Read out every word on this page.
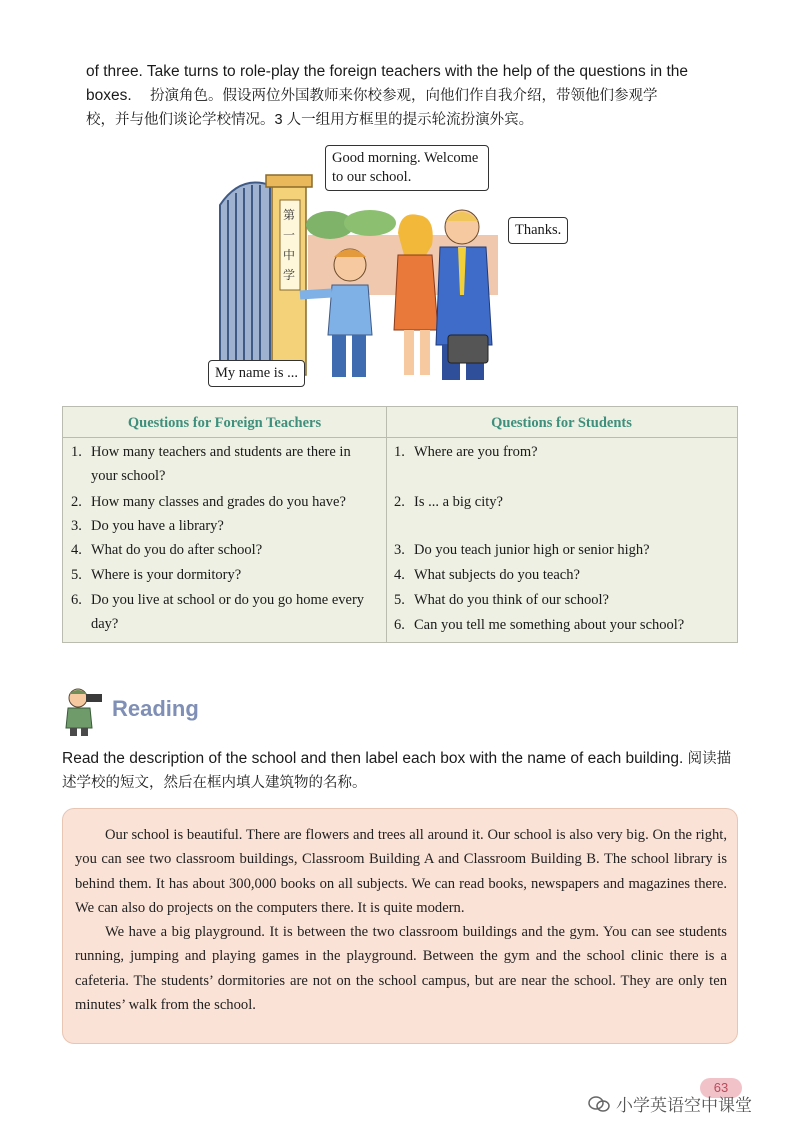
of three. Take turns to role-play the foreign teachers with the help of the questions in the
boxes. 扮演角色。假设两位外国教师来你校参观，向他们作自我介绍，带领他们参观学
校，并与他们谈论学校情况。3 人一组用方框里的提示轮流扮演外宾。
Good morning. Welcome to our school.
Thanks.
My name is ...
第一中学
Questions for Foreign Teachers
1. How many teachers and students are there in your school?
2. How many classes and grades do you have?
3. Do you have a library?
4. What do you do after school?
5. Where is your dormitory?
6. Do you live at school or do you go home every day?
Questions for Students
1. Where are you from?
2. Is ... a big city?
3. Do you teach junior high or senior high?
4. What subjects do you teach?
5. What do you think of our school?
6. Can you tell me something about your school?
Reading
Read the description of the school and then label each box with the name of each building. 阅读描述学校的短文，然后在框内填人建筑物的名称。

Our school is beautiful. There are flowers and trees all around it. Our school is also very big. On the right, you can see two classroom buildings, Classroom Building A and Classroom Building B. The school library is behind them. It has about 300,000 books on all subjects. We can read books, newspapers and magazines there. We can also do projects on the computers there. It is quite modern.

We have a big playground. It is between the two classroom buildings and the gym. You can see students running, jumping and playing games in the playground. Between the gym and the school clinic there is a cafeteria. The students’ dormitories are not on the school campus, but are near the school. They are only ten minutes’ walk from the school.

63
小学英语空中课堂
